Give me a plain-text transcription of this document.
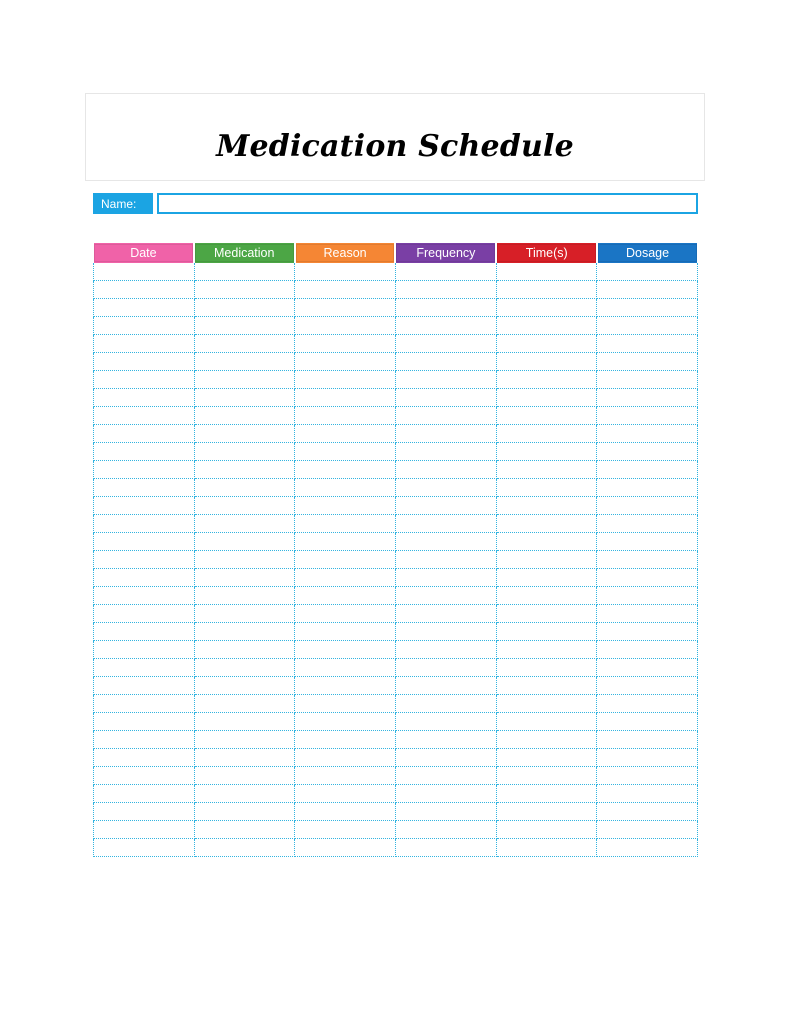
Medication Schedule
Name:
Date	Medication	Reason	Frequency	Time(s)	Dosage
